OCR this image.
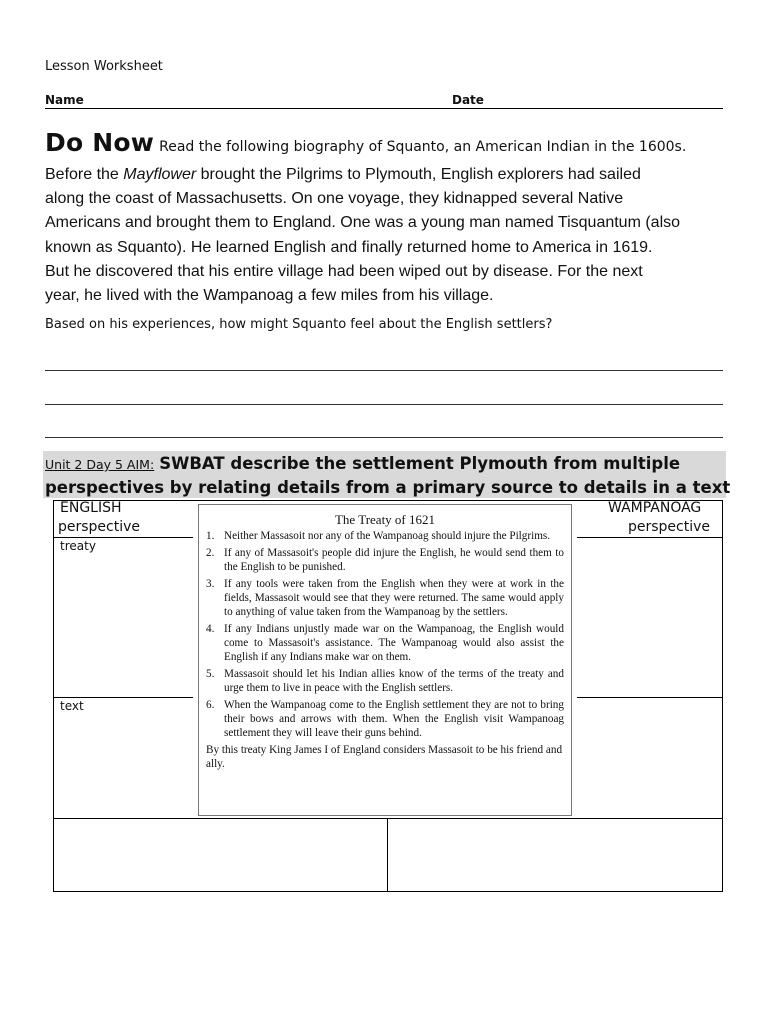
Lesson Worksheet
Name	Date
Do Now Read the following biography of Squanto, an American Indian in the 1600s.

Before the Mayflower brought the Pilgrims to Plymouth, English explorers had sailed

along the coast of Massachusetts. On one voyage, they kidnapped several Native

Americans and brought them to England. One was a young man named Tisquantum (also

known as Squanto). He learned English and finally returned home to America in 1619.

But he discovered that his entire village had been wiped out by disease. For the next

year, he lived with the Wampanoag a few miles from his village.

Based on his experiences, how might Squanto feel about the English settlers?
Unit 2 Day 5 AIM: SWBAT describe the settlement Plymouth from multiple perspectives by relating details from a primary source to details in a text
ENGLISH
perspective
WAMPANOAG
perspective
treaty
text
The Treaty of 1621
1. Neither Massasoit nor any of the Wampanoag should injure the Pilgrims.
2. If any of Massasoit's people did injure the English, he would send them to the English to be punished.
3. If any tools were taken from the English when they were at work in the fields, Massasoit would see that they were returned. The same would apply to anything of value taken from the Wampanoag by the settlers.
4. If any Indians unjustly made war on the Wampanoag, the English would come to Massasoit's assistance. The Wampanoag would also assist the English if any Indians make war on them.
5. Massasoit should let his Indian allies know of the terms of the treaty and urge them to live in peace with the English settlers.
6. When the Wampanoag come to the English settlement they are not to bring their bows and arrows with them. When the English visit Wampanoag settlement they will leave their guns behind.
By this treaty King James I of England considers Massasoit to be his friend and ally.
